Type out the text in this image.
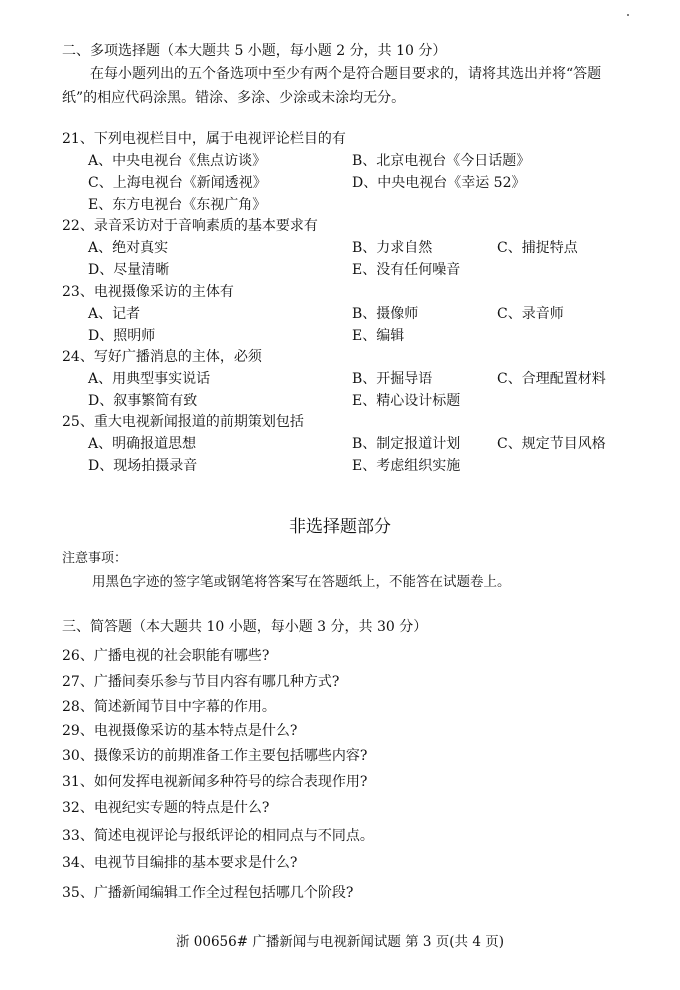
二、多项选择题（本大题共 5 小题，每小题 2 分，共 10 分）
在每小题列出的五个备选项中至少有两个是符合题目要求的，请将其选出并将“答题
纸”的相应代码涂黑。错涂、多涂、少涂或未涂均无分。
21、下列电视栏目中，属于电视评论栏目的有
A、中央电视台《焦点访谈》	B、北京电视台《今日话题》
C、上海电视台《新闻透视》	D、中央电视台《幸运 52》
E、东方电视台《东视广角》
22、录音采访对于音响素质的基本要求有
A、绝对真实	B、力求自然	C、捕捉特点
D、尽量清晰	E、没有任何噪音
23、电视摄像采访的主体有
A、记者	B、摄像师	C、录音师
D、照明师	E、编辑
24、写好广播消息的主体，必须
A、用典型事实说话	B、开掘导语	C、合理配置材料
D、叙事繁简有致	E、精心设计标题
25、重大电视新闻报道的前期策划包括
A、明确报道思想	B、制定报道计划	C、规定节目风格
D、现场拍摄录音	E、考虑组织实施
非选择题部分
注意事项：
用黑色字迹的签字笔或钢笔将答案写在答题纸上，不能答在试题卷上。
三、简答题（本大题共 10 小题，每小题 3 分，共 30 分）
26、广播电视的社会职能有哪些?
27、广播间奏乐参与节目内容有哪几种方式?
28、简述新闻节目中字幕的作用。
29、电视摄像采访的基本特点是什么?
30、摄像采访的前期准备工作主要包括哪些内容?
31、如何发挥电视新闻多种符号的综合表现作用?
32、电视纪实专题的特点是什么?
33、简述电视评论与报纸评论的相同点与不同点。
34、电视节目编排的基本要求是什么?
35、广播新闻编辑工作全过程包括哪几个阶段?
浙 00656# 广播新闻与电视新闻试题 第 3 页(共 4 页)
